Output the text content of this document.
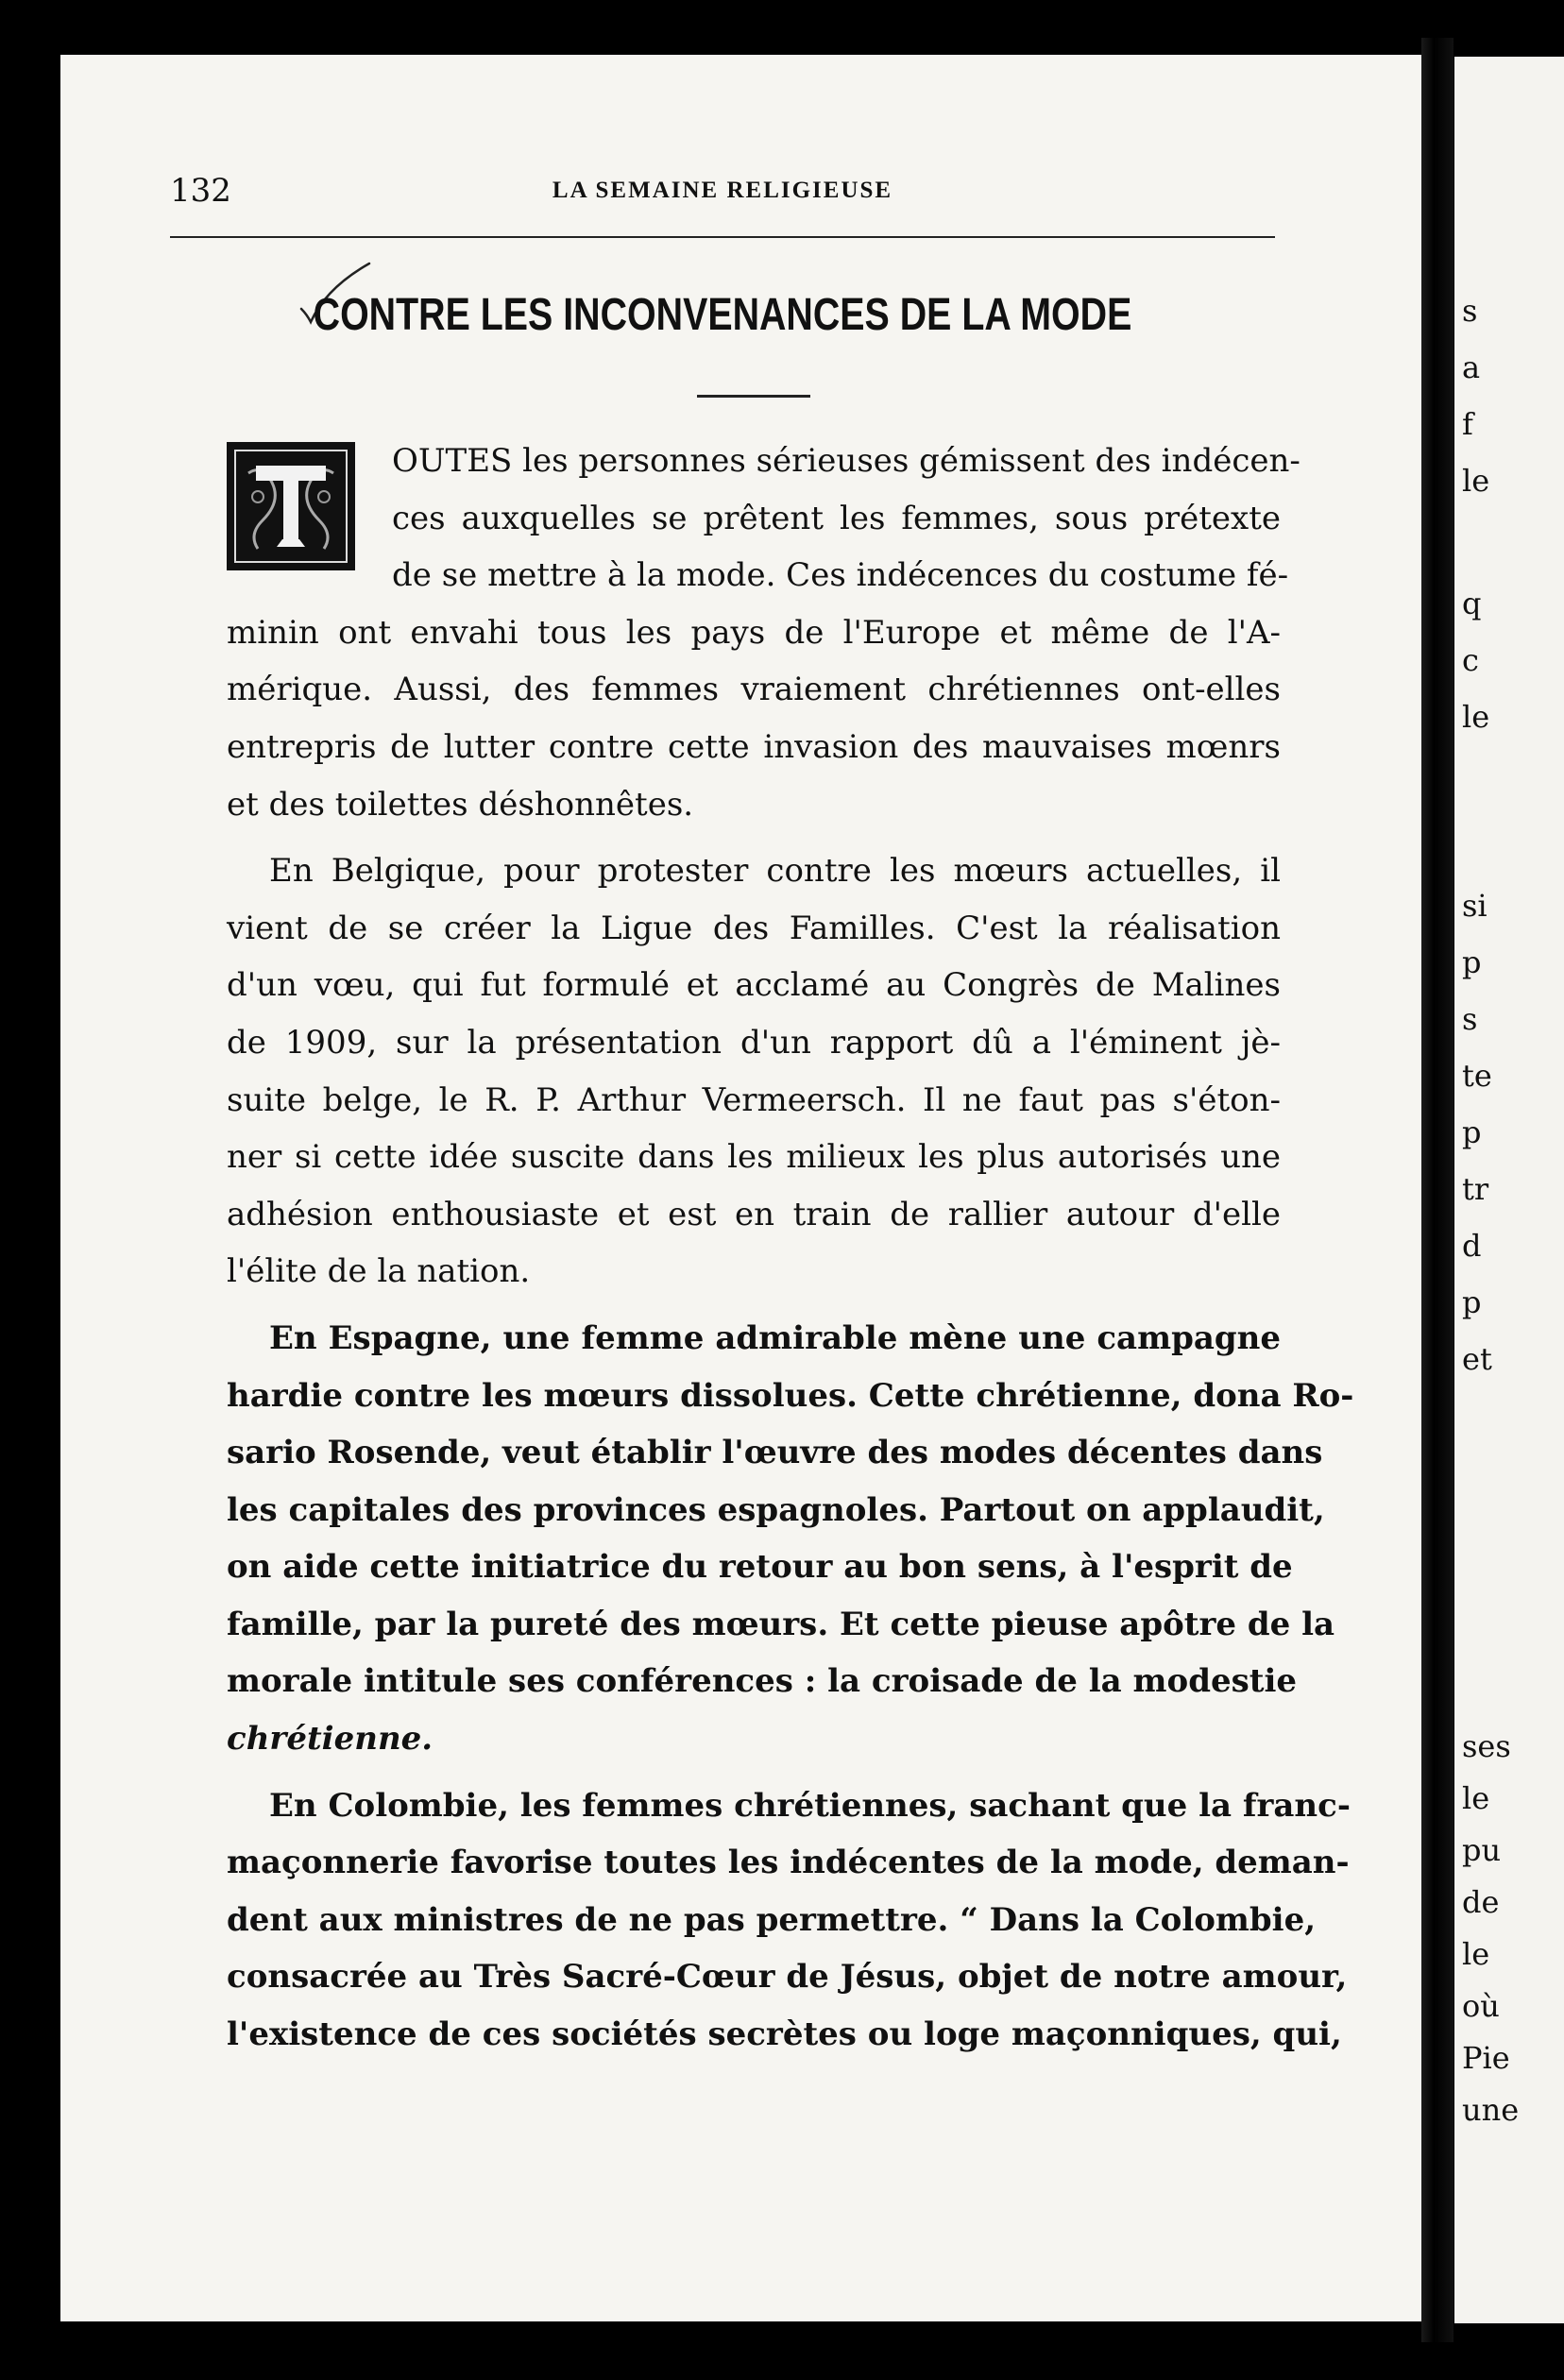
s
a
f
le
q
c
le
si
p
s
te
p
tr
d
p
et
ses
le
pu
de
le
où
Pie
une
132	LA SEMAINE RELIGIEUSE
CONTRE LES INCONVENANCES DE LA MODE
OUTES les personnes sérieuses gémissent des indécen-
ces auxquelles se prêtent les femmes, sous prétexte
de se mettre à la mode. Ces indécences du costume fé-
minin ont envahi tous les pays de l'Europe et même de l'A-
mérique. Aussi, des femmes vraiement chrétiennes ont-elles
entrepris de lutter contre cette invasion des mauvaises mœnrs
et des toilettes déshonnêtes.
En Belgique, pour protester contre les mœurs actuelles, il
vient de se créer la Ligue des Familles. C'est la réalisation
d'un vœu, qui fut formulé et acclamé au Congrès de Malines
de 1909, sur la présentation d'un rapport dû a l'éminent jè-
suite belge, le R. P. Arthur Vermeersch. Il ne faut pas s'éton-
ner si cette idée suscite dans les milieux les plus autorisés une
adhésion enthousiaste et est en train de rallier autour d'elle
l'élite de la nation.
En Espagne, une femme admirable mène une campagne
hardie contre les mœurs dissolues. Cette chrétienne, dona Ro-
sario Rosende, veut établir l'œuvre des modes décentes dans
les capitales des provinces espagnoles. Partout on applaudit,
on aide cette initiatrice du retour au bon sens, à l'esprit de
famille, par la pureté des mœurs. Et cette pieuse apôtre de la
morale intitule ses conférences : la croisade de la modestie
chrétienne.
En Colombie, les femmes chrétiennes, sachant que la franc-
maçonnerie favorise toutes les indécentes de la mode, deman-
dent aux ministres de ne pas permettre. “ Dans la Colombie,
consacrée au Très Sacré-Cœur de Jésus, objet de notre amour,
l'existence de ces sociétés secrètes ou loge maçonniques, qui,
